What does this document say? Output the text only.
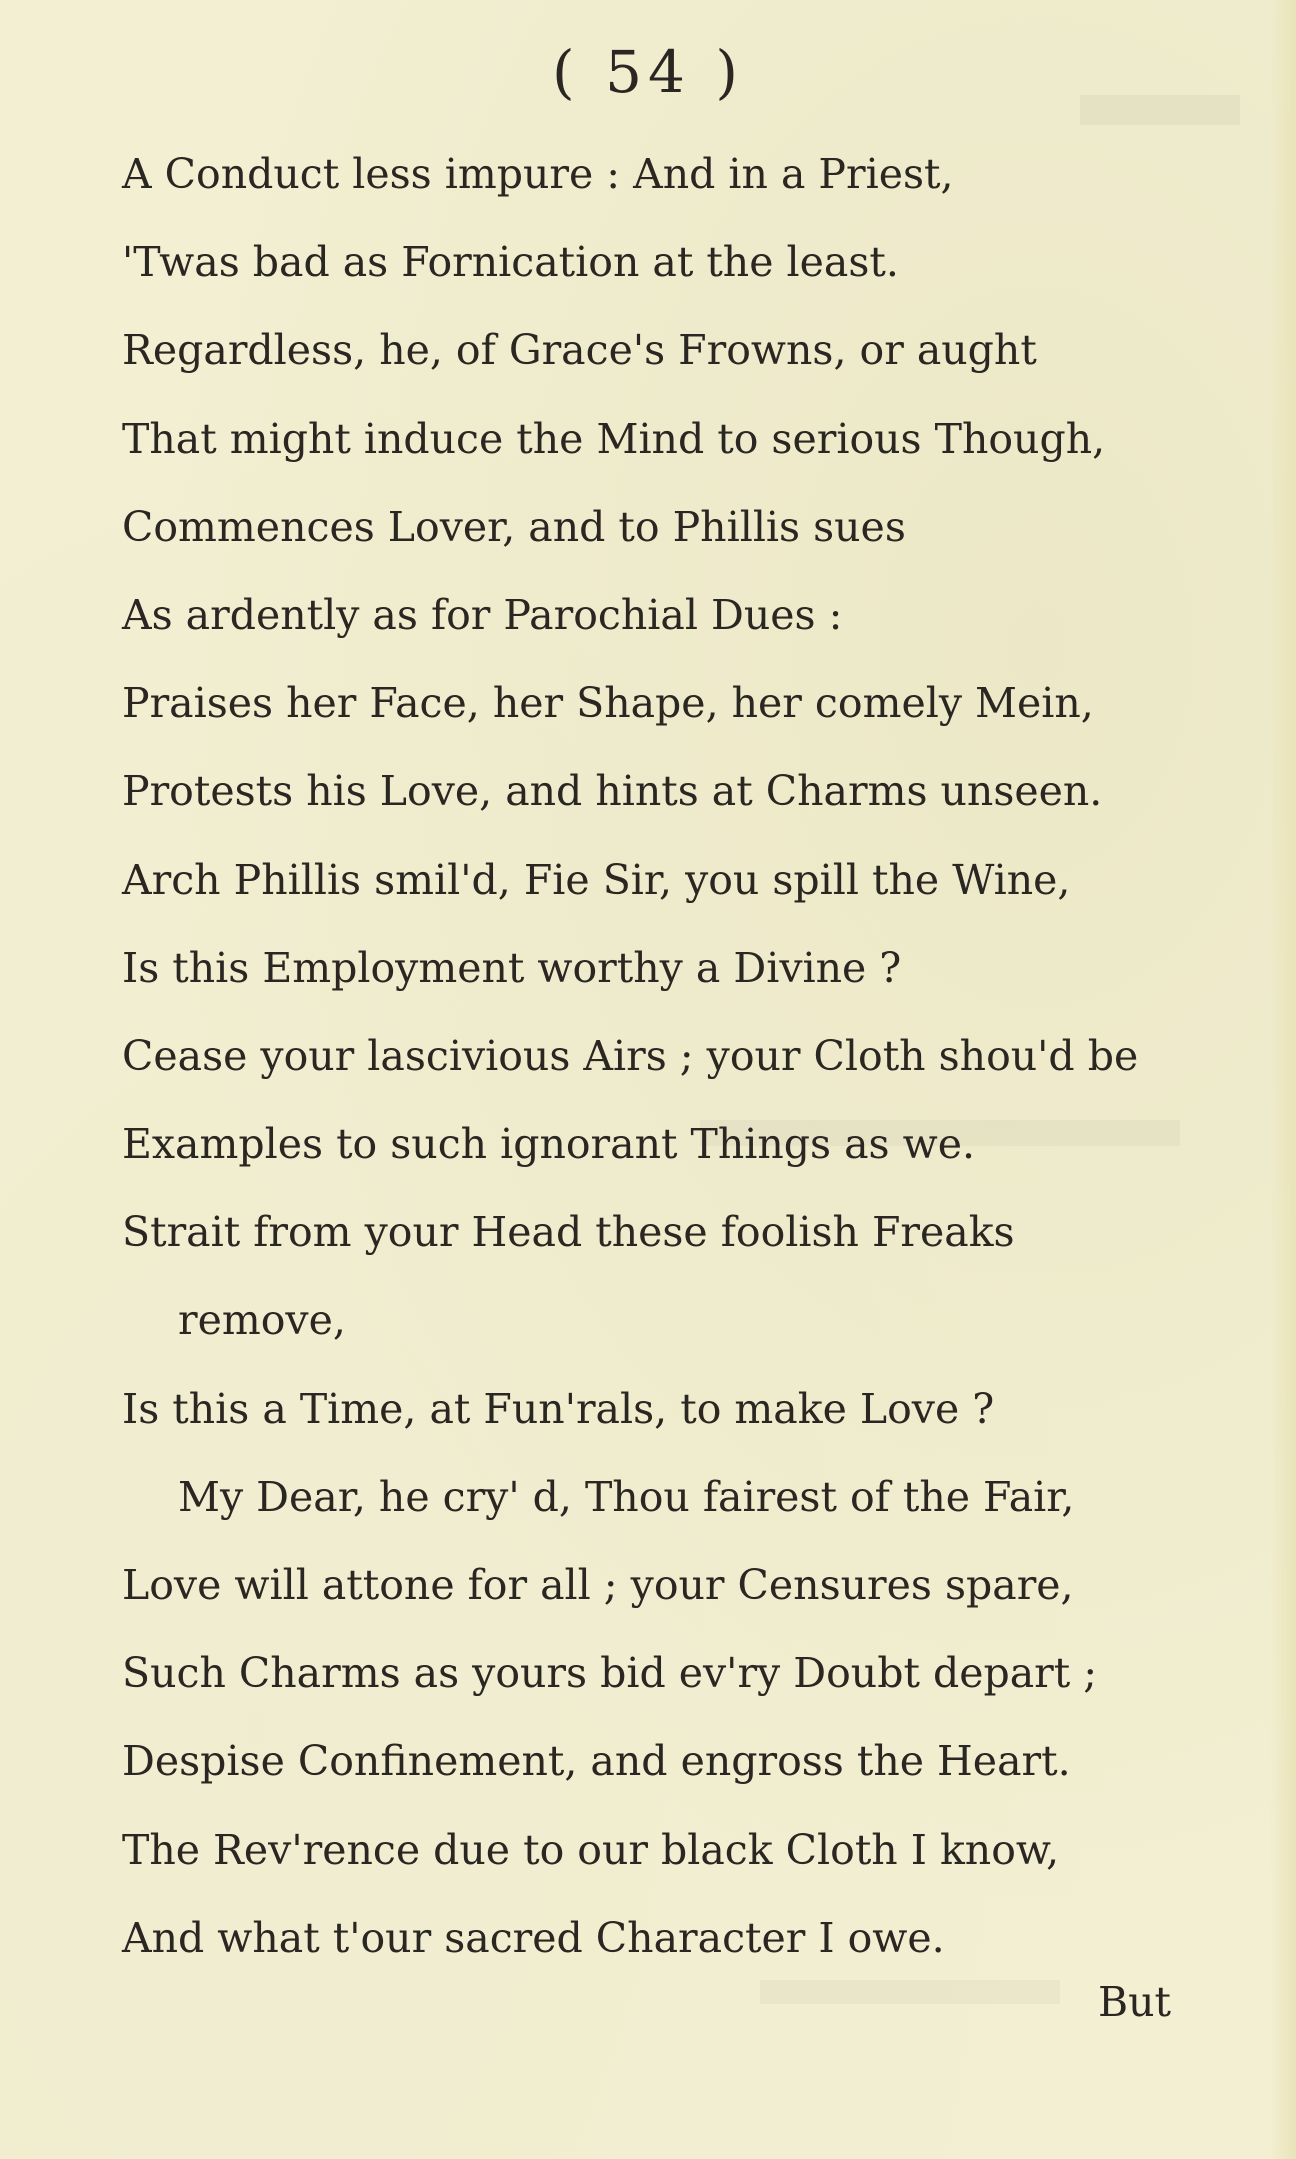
( 54 )
A Conduct less impure : And in a Priest,
'Twas bad as Fornication at the least.
Regardless, he, of Grace's Frowns, or aught
That might induce the Mind to serious Though,
Commences Lover, and to Phillis sues
As ardently as for Parochial Dues :
Praises her Face, her Shape, her comely Mein,
Protests his Love, and hints at Charms unseen.
Arch Phillis smil'd, Fie Sir, you spill the Wine,
Is this Employment worthy a Divine ?
Cease your lascivious Airs ; your Cloth shou'd be
Examples to such ignorant Things as we.
Strait from your Head these foolish Freaks
remove,
Is this a Time, at Fun'rals, to make Love ?
My Dear, he cry' d, Thou fairest of the Fair,
Love will attone for all ; your Censures spare,
Such Charms as yours bid ev'ry Doubt depart ;
Despise Confinement, and engross the Heart.
The Rev'rence due to our black Cloth I know,
And what t'our sacred Character I owe.
But
